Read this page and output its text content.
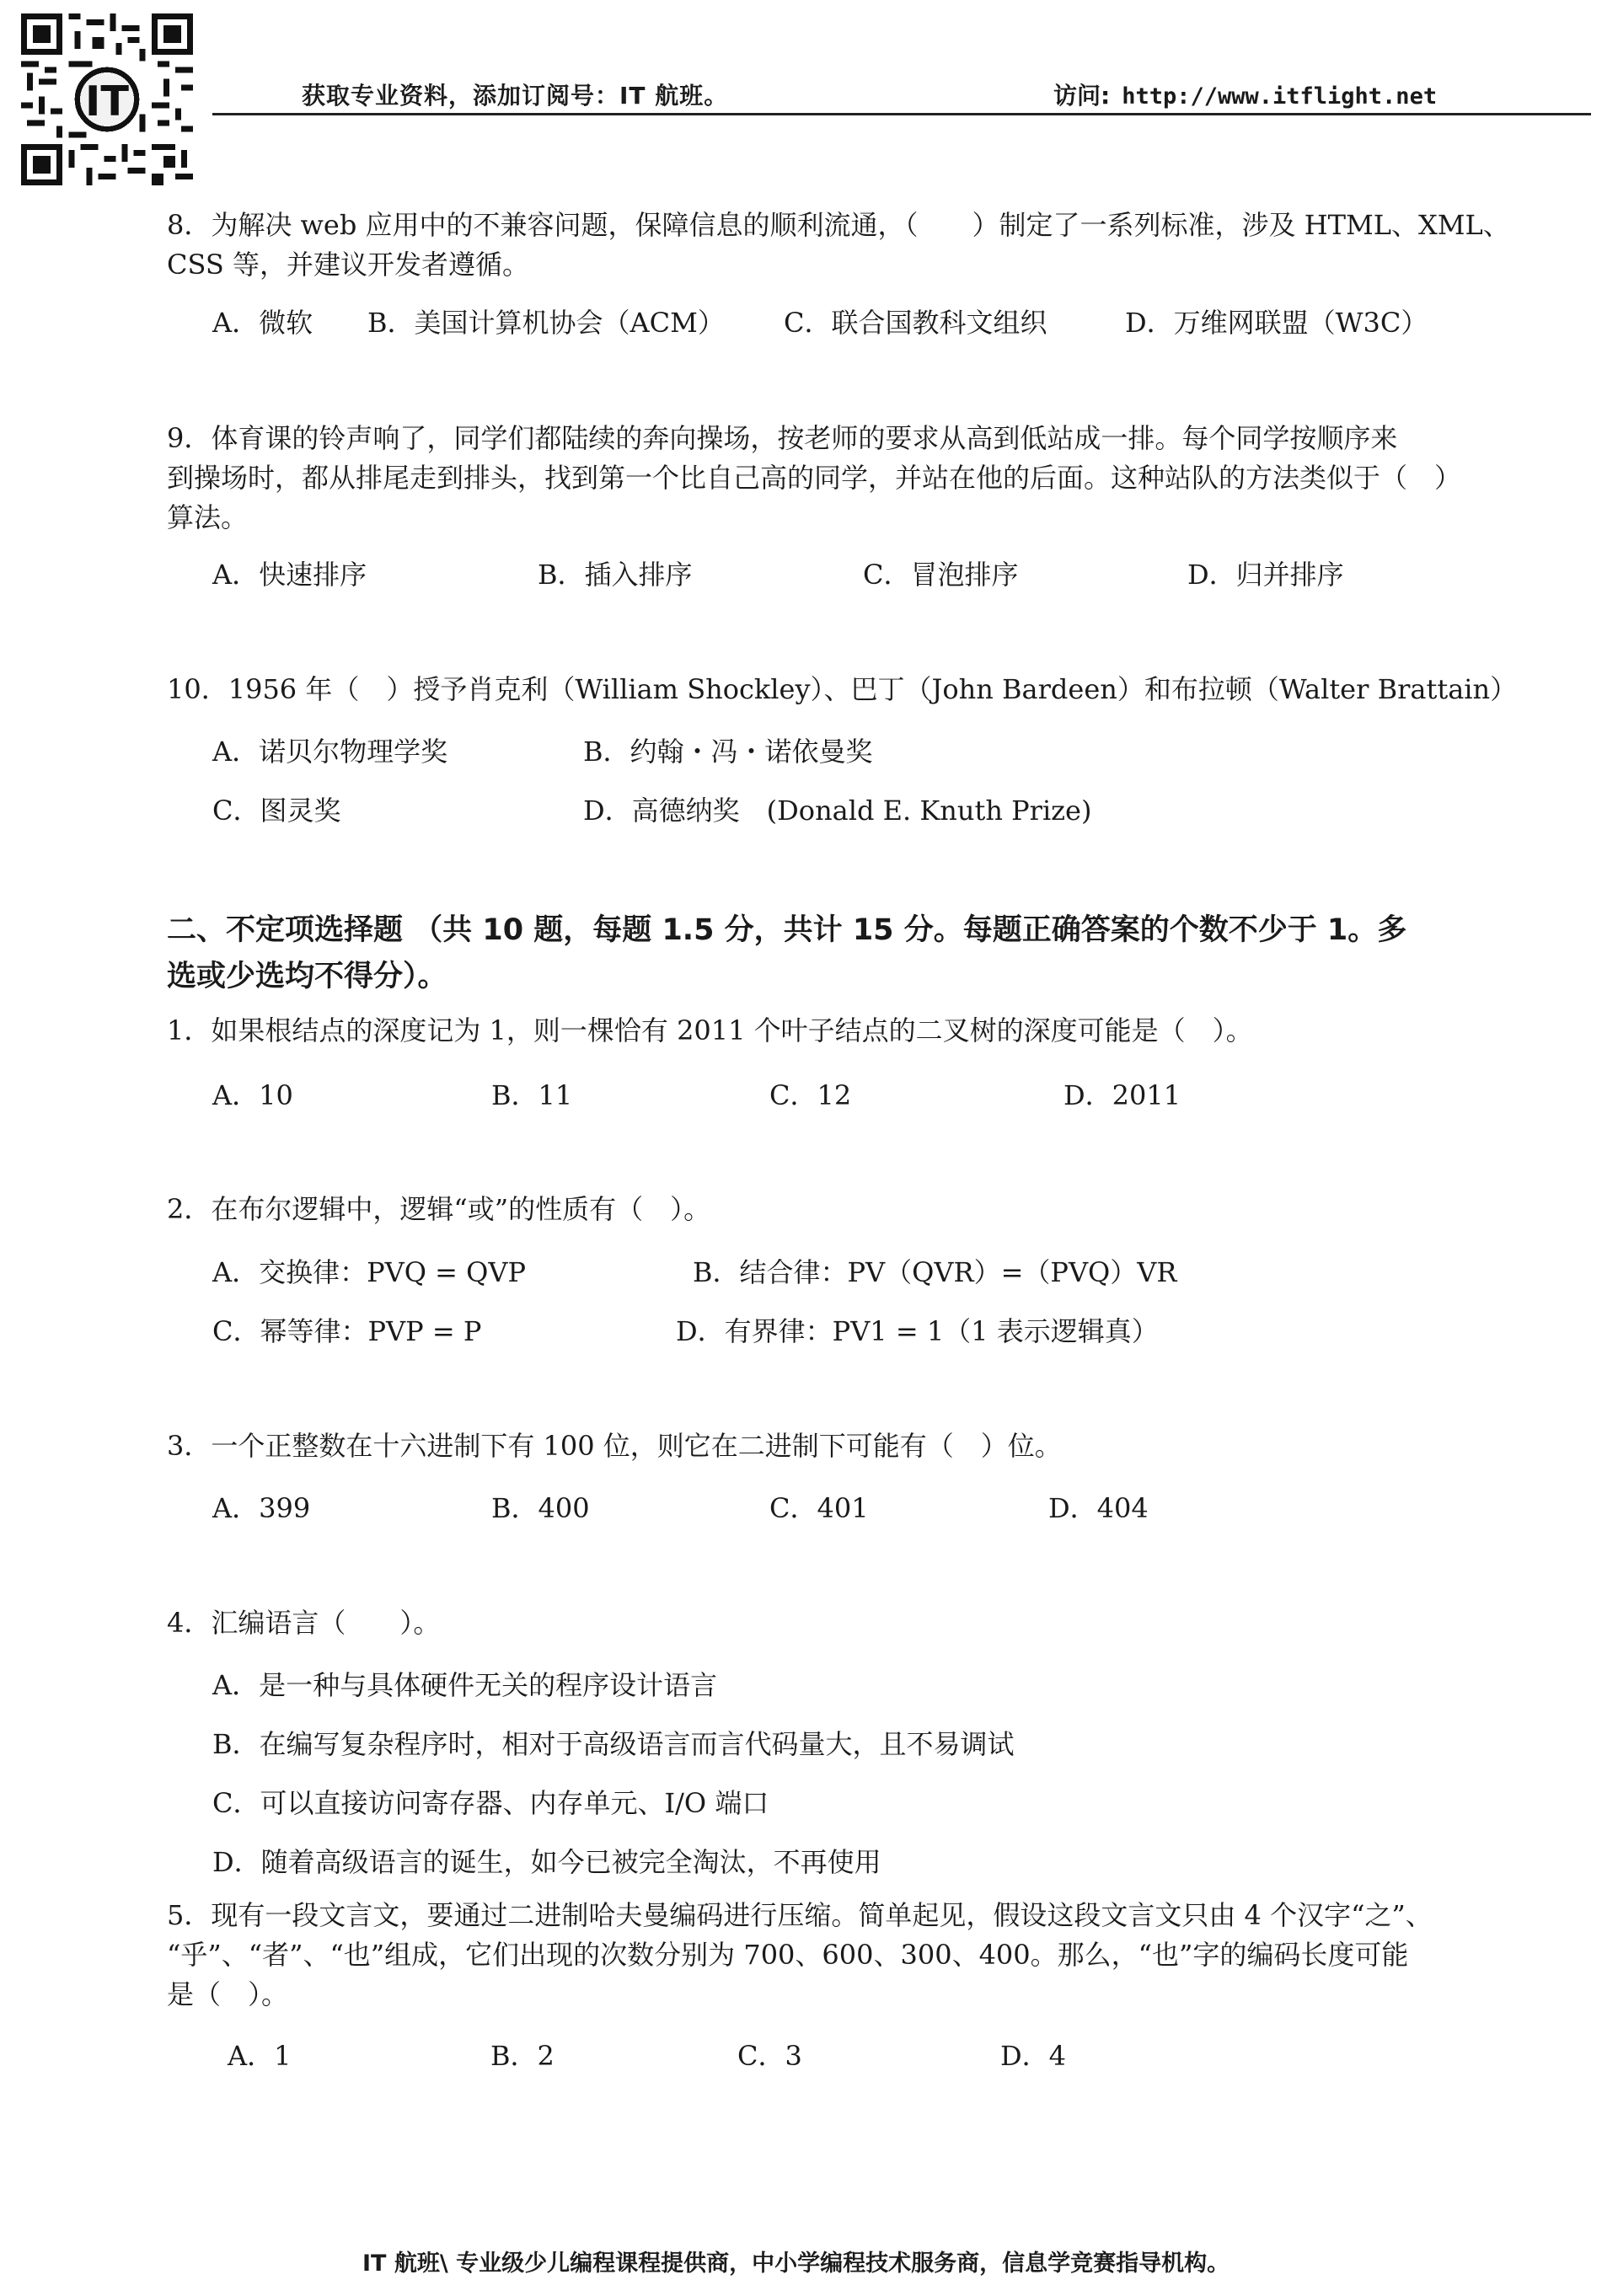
IT	获取专业资料，添加订阅号：IT 航班。	访问: http://www.itflight.net
8．为解决 web 应用中的不兼容问题，保障信息的顺利流通，（　　）制定了一系列标准，涉及 HTML、XML、
CSS 等，并建议开发者遵循。
A．微软 B．美国计算机协会（ACM） C．联合国教科文组织	D．万维网联盟（W3C）
9．体育课的铃声响了，同学们都陆续的奔向操场，按老师的要求从高到低站成一排。每个同学按顺序来
到操场时，都从排尾走到排头，找到第一个比自己高的同学，并站在他的后面。这种站队的方法类似于（　）
算法。
A．快速排序	B．插入排序	C．冒泡排序	D．归并排序
10．1956 年（　）授予肖克利（William Shockley）、巴丁（John Bardeen）和布拉顿（Walter Brattain）
A．诺贝尔物理学奖	B．约翰・冯・诺依曼奖
C．图灵奖	D．高德纳奖　(Donald E. Knuth Prize)
二、不定项选择题 （共 10 题，每题 1.5 分，共计 15 分。每题正确答案的个数不少于 1。多
选或少选均不得分）。
1．如果根结点的深度记为 1，则一棵恰有 2011 个叶子结点的二叉树的深度可能是（　）。
A．10	B．11	C．12	D．2011
2．在布尔逻辑中，逻辑“或”的性质有（　）。
A．交换律：PVQ = QVP	B．结合律：PV（QVR）=（PVQ）VR
C．幂等律：PVP = P	D．有界律：PV1 = 1（1 表示逻辑真）
3．一个正整数在十六进制下有 100 位，则它在二进制下可能有（　）位。
A．399	B．400	C．401	D．404
4．汇编语言（　　）。
A．是一种与具体硬件无关的程序设计语言
B．在编写复杂程序时，相对于高级语言而言代码量大，且不易调试
C．可以直接访问寄存器、内存单元、I/O 端口
D．随着高级语言的诞生，如今已被完全淘汰，不再使用
5．现有一段文言文，要通过二进制哈夫曼编码进行压缩。简单起见，假设这段文言文只由 4 个汉字“之”、
“乎”、“者”、“也”组成，它们出现的次数分别为 700、600、300、400。那么，“也”字的编码长度可能
是（　）。
A．1	B．2	C．3	D．4
IT 航班\ 专业级少儿编程课程提供商，中小学编程技术服务商，信息学竞赛指导机构。
